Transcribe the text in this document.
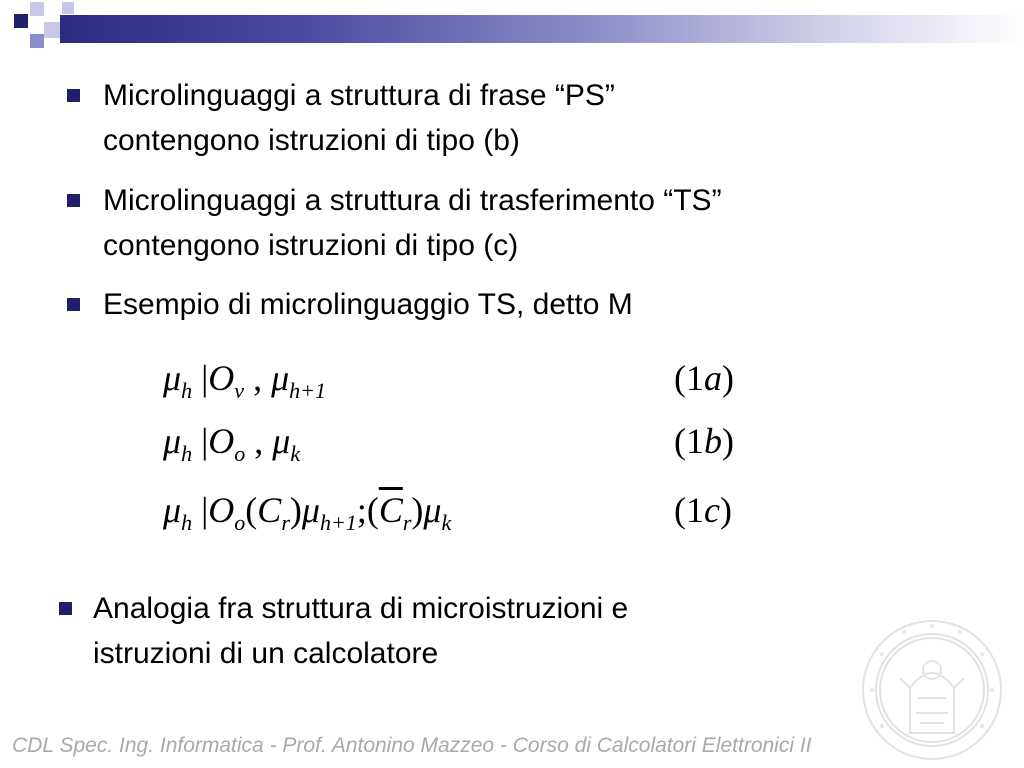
Microlinguaggi a struttura di frase “PS”
contengono istruzioni di tipo (b)
Microlinguaggi a struttura di trasferimento “TS”
contengono istruzioni di tipo (c)
Esempio di microlinguaggio TS, detto M
$\mu_h$ $|O_v$ , $\mu_{h+1}$	(1a)
$\mu_h$ $|O_o$ , $\mu_k$	(1b)
$\mu_h$ $|O_o(C_r)\mu_{h+1};(\overline{C}_r)\mu_k$	(1c)
Analogia fra struttura di microistruzioni e
istruzioni di un calcolatore
CDL Spec. Ing. Informatica - Prof. Antonino Mazzeo - Corso di Calcolatori Elettronici II
